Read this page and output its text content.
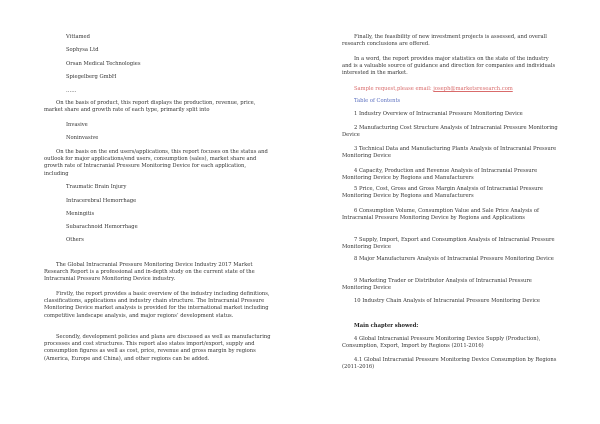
Vittamed
Sophysa Ltd
Orsan Medical Technologies
Spiegelberg GmbH
……
On the basis of product, this report displays the production, revenue, price, market share and growth rate of each type, primarily split into
Invasive
Noninvasive
On the basis on the end users/applications, this report focuses on the status and outlook for major applications/end users, consumption (sales), market share and growth rate of Intracranial Pressure Monitoring Device for each application, including
Traumatic Brain Injury
Intracerebral Hemorrhage
Meningitis
Subarachnoid Hemorrhage
Others
The Global Intracranial Pressure Monitoring Device Industry 2017 Market Research Report is a professional and in-depth study on the current state of the Intracranial Pressure Monitoring Device industry.
Firstly, the report provides a basic overview of the industry including definitions, classifications, applications and industry chain structure. The Intracranial Pressure Monitoring Device market analysis is provided for the international market including competitive landscape analysis, and major regions’ development status.
Secondly, development policies and plans are discussed as well as manufacturing processes and cost structures. This report also states import/export, supply and consumption figures as well as cost, price, revenue and gross margin by regions (America, Europe and China), and other regions can be added.
Finally, the feasibility of new investment projects is assessed, and overall research conclusions are offered.
In a word, the report provides major statistics on the state of the industry and is a valuable source of guidance and direction for companies and individuals interested in the market.
Sample request,please email: joseph@marketsresearch.com
Table of Contents
1 Industry Overview of Intracranial Pressure Monitoring Device
2 Manufacturing Cost Structure Analysis of Intracranial Pressure Monitoring Device
3 Technical Data and Manufacturing Plants Analysis of Intracranial Pressure Monitoring Device
4 Capacity, Production and Revenue Analysis of Intracranial Pressure Monitoring Device by Regions and Manufacturers
5 Price, Cost, Gross and Gross Margin Analysis of Intracranial Pressure Monitoring Device by Regions and Manufacturers
6 Consumption Volume, Consumption Value and Sale Price Analysis of Intracranial Pressure Monitoring Device by Regions and Applications
7 Supply, Import, Export and Consumption Analysis of Intracranial Pressure Monitoring Device
8 Major Manufacturers Analysis of Intracranial Pressure Monitoring Device
9 Marketing Trader or Distributor Analysis of Intracranial Pressure Monitoring Device
10 Industry Chain Analysis of Intracranial Pressure Monitoring Device
Main chapter showed:
4 Global Intracranial Pressure Monitoring Device Supply (Production), Consumption, Export, Import by Regions (2011-2016)
4.1 Global Intracranial Pressure Monitoring Device Consumption by Regions (2011-2016)
